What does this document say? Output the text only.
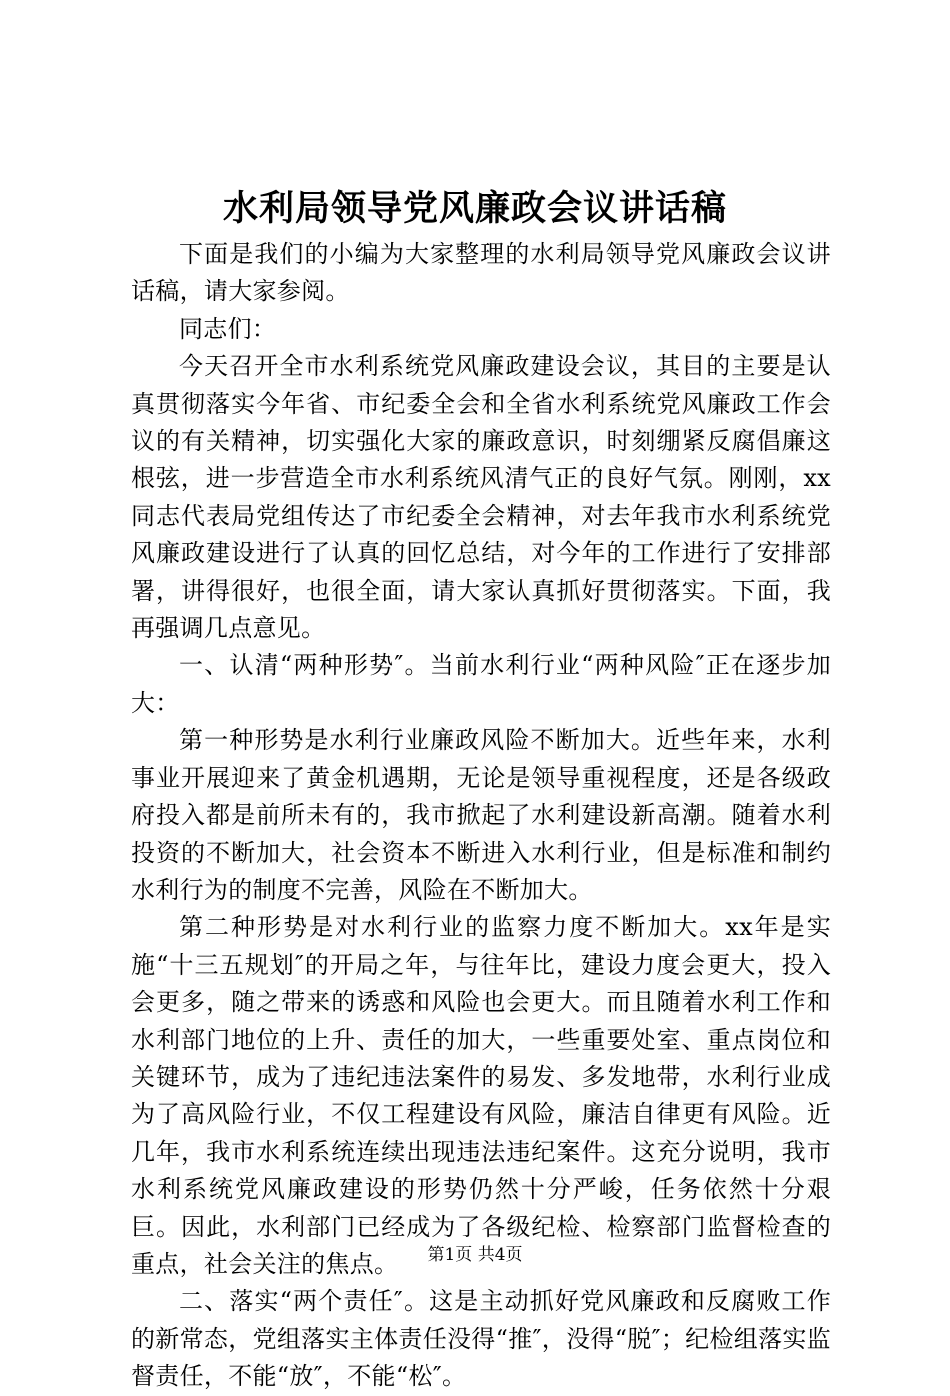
水利局领导党风廉政会议讲话稿

下面是我们的小编为大家整理的水利局领导党风廉政会议讲话稿，请大家参阅。

同志们：

今天召开全市水利系统党风廉政建设会议，其目的主要是认真贯彻落实今年省、市纪委全会和全省水利系统党风廉政工作会议的有关精神，切实强化大家的廉政意识，时刻绷紧反腐倡廉这根弦，进一步营造全市水利系统风清气正的良好气氛。刚刚，xx同志代表局党组传达了市纪委全会精神，对去年我市水利系统党风廉政建设进行了认真的回忆总结，对今年的工作进行了安排部署，讲得很好，也很全面，请大家认真抓好贯彻落实。下面，我再强调几点意见。

一、认清“两种形势″。当前水利行业“两种风险″正在逐步加大：

第一种形势是水利行业廉政风险不断加大。近些年来，水利事业开展迎来了黄金机遇期，无论是领导重视程度，还是各级政府投入都是前所未有的，我市掀起了水利建设新高潮。随着水利投资的不断加大，社会资本不断进入水利行业，但是标准和制约水利行为的制度不完善，风险在不断加大。

第二种形势是对水利行业的监察力度不断加大。xx年是实施“十三五规划″的开局之年，与往年比，建设力度会更大，投入会更多，随之带来的诱惑和风险也会更大。而且随着水利工作和水利部门地位的上升、责任的加大，一些重要处室、重点岗位和关键环节，成为了违纪违法案件的易发、多发地带，水利行业成为了高风险行业，不仅工程建设有风险，廉洁自律更有风险。近几年，我市水利系统连续出现违法违纪案件。这充分说明，我市水利系统党风廉政建设的形势仍然十分严峻，任务依然十分艰巨。因此，水利部门已经成为了各级纪检、检察部门监督检查的重点，社会关注的焦点。

二、落实“两个责任″。这是主动抓好党风廉政和反腐败工作的新常态，党组落实主体责任没得“推″，没得“脱″；纪检组落实监督责任，不能“放″，不能“松″。

第1页 共4页
